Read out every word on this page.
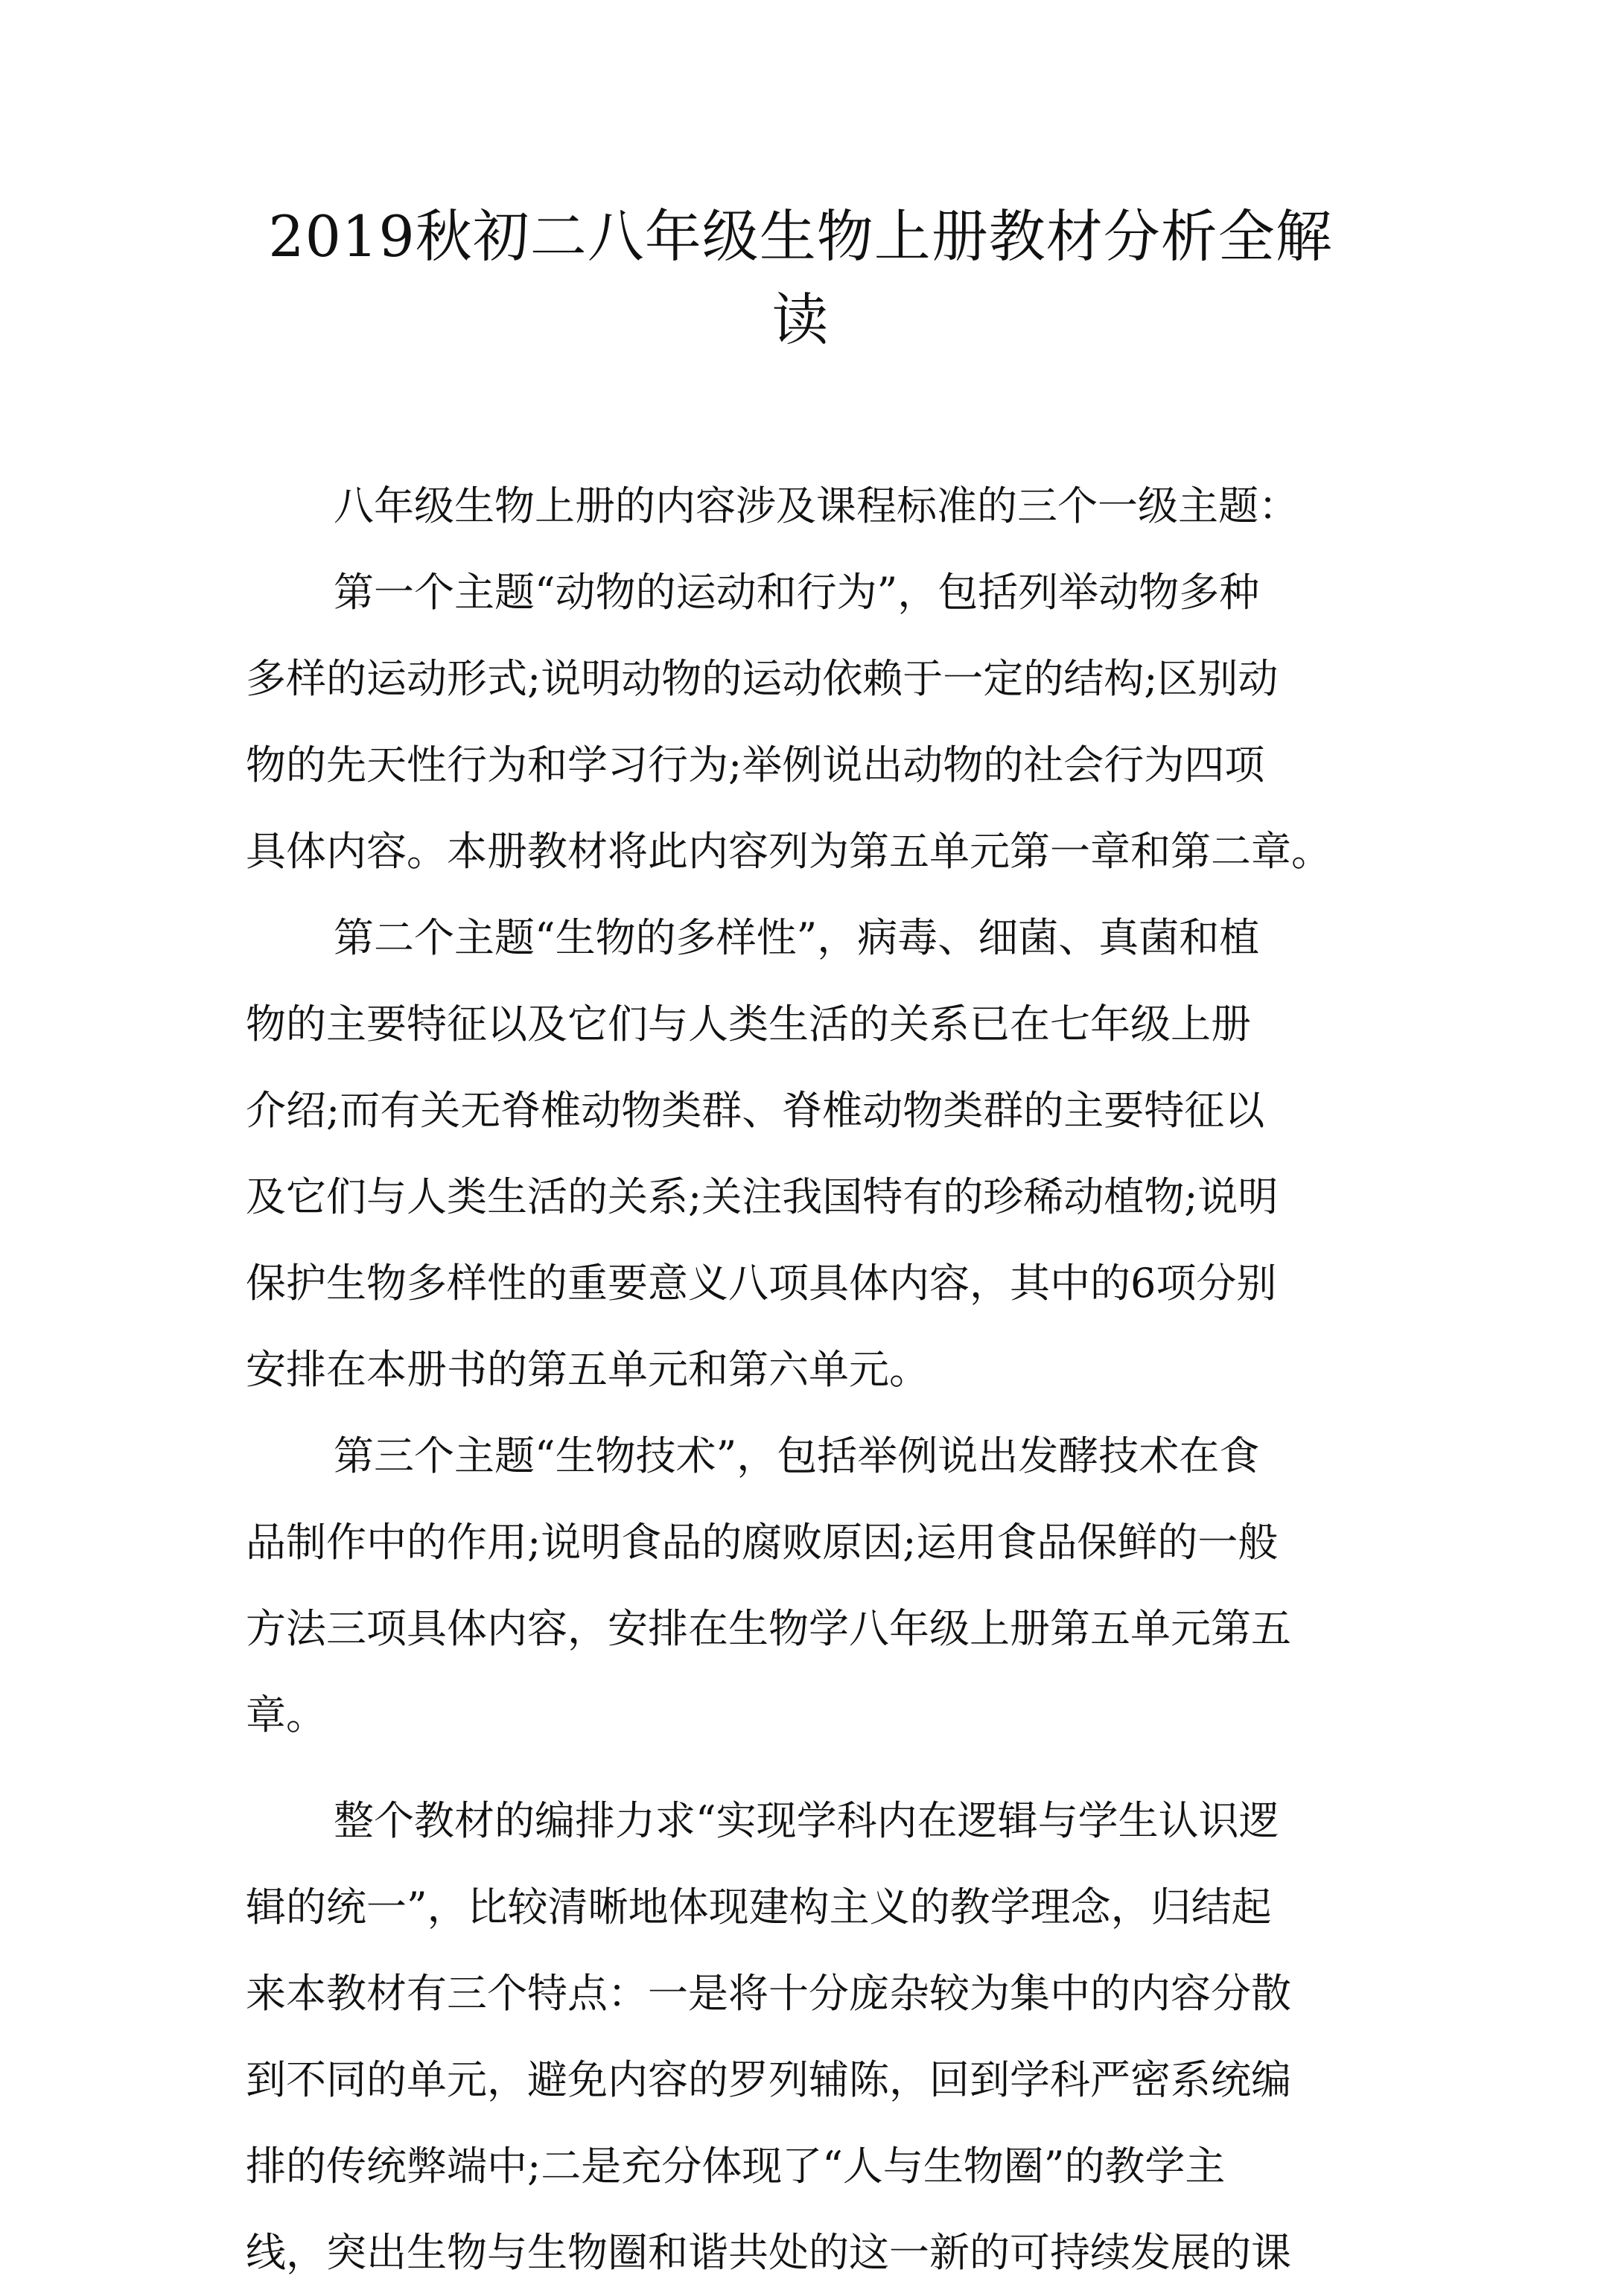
2019秋初二八年级生物上册教材分析全解
读
八年级生物上册的内容涉及课程标准的三个一级主题：
第一个主题“动物的运动和行为”，包括列举动物多种
多样的运动形式;说明动物的运动依赖于一定的结构;区别动
物的先天性行为和学习行为;举例说出动物的社会行为四项
具体内容。本册教材将此内容列为第五单元第一章和第二章。
第二个主题“生物的多样性”，病毒、细菌、真菌和植
物的主要特征以及它们与人类生活的关系已在七年级上册
介绍;而有关无脊椎动物类群、脊椎动物类群的主要特征以
及它们与人类生活的关系;关注我国特有的珍稀动植物;说明
保护生物多样性的重要意义八项具体内容，其中的6项分别
安排在本册书的第五单元和第六单元。
第三个主题“生物技术”，包括举例说出发酵技术在食
品制作中的作用;说明食品的腐败原因;运用食品保鲜的一般
方法三项具体内容，安排在生物学八年级上册第五单元第五
章。
整个教材的编排力求“实现学科内在逻辑与学生认识逻
辑的统一”，比较清晰地体现建构主义的教学理念，归结起
来本教材有三个特点：一是将十分庞杂较为集中的内容分散
到不同的单元，避免内容的罗列辅陈，回到学科严密系统编
排的传统弊端中;二是充分体现了“人与生物圈”的教学主
线，突出生物与生物圈和谐共处的这一新的可持续发展的课
